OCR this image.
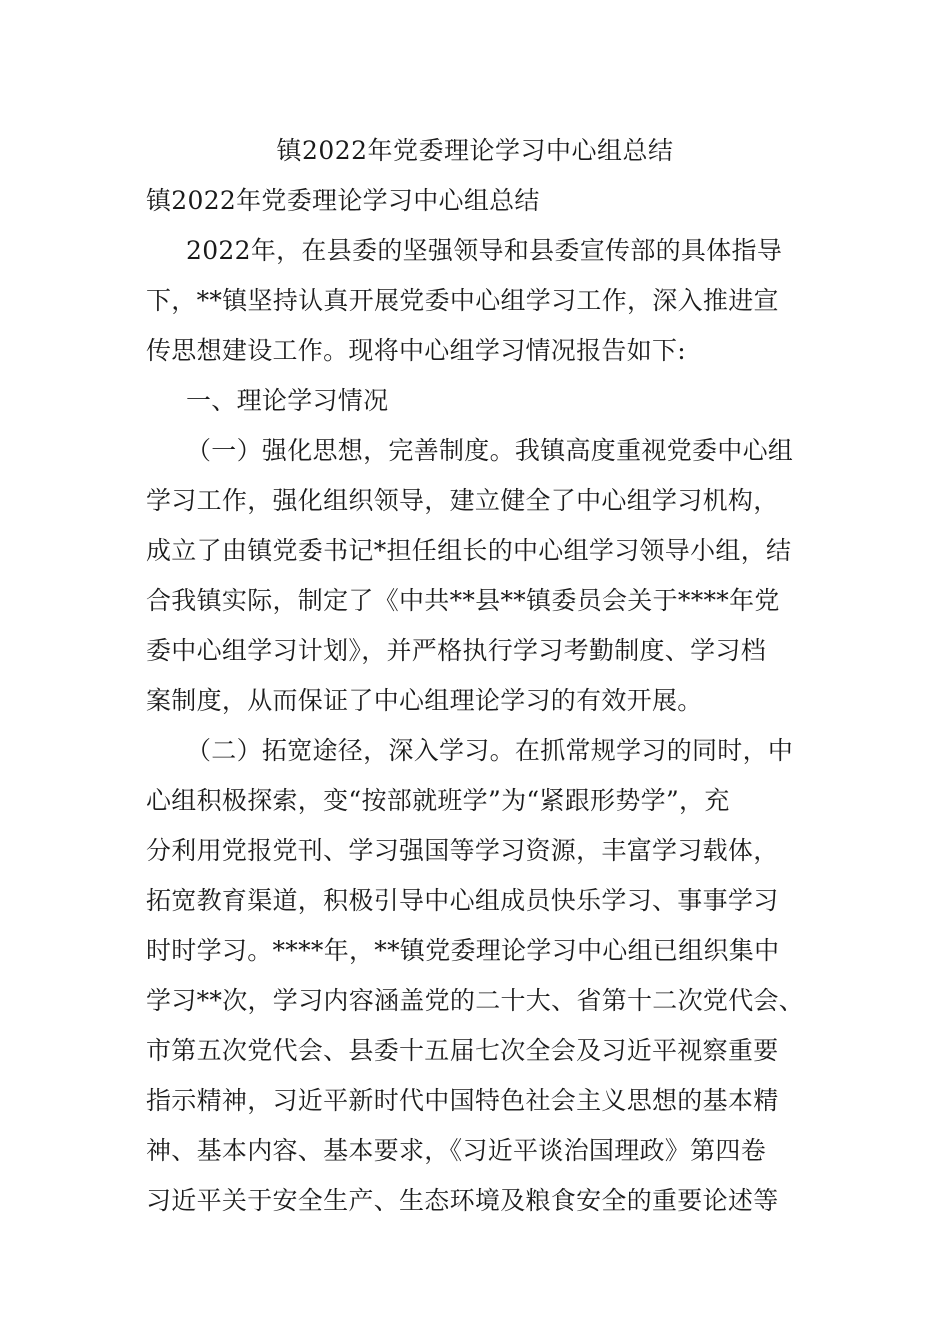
镇2022年党委理论学习中心组总结
镇2022年党委理论学习中心组总结
2022年，在县委的坚强领导和县委宣传部的具体指导
下，**镇坚持认真开展党委中心组学习工作，深入推进宣
传思想建设工作。现将中心组学习情况报告如下:
一、理论学习情况
（一）强化思想，完善制度。我镇高度重视党委中心组
学习工作，强化组织领导，建立健全了中心组学习机构，
成立了由镇党委书记*担任组长的中心组学习领导小组，结
合我镇实际，制定了《中共**县**镇委员会关于****年党
委中心组学习计划》，并严格执行学习考勤制度、学习档
案制度，从而保证了中心组理论学习的有效开展。
（二）拓宽途径，深入学习。在抓常规学习的同时，中
心组积极探索，变“按部就班学”为“紧跟形势学”，充
分利用党报党刊、学习强国等学习资源，丰富学习载体，
拓宽教育渠道，积极引导中心组成员快乐学习、事事学习
时时学习。****年，**镇党委理论学习中心组已组织集中
学习**次，学习内容涵盖党的二十大、省第十二次党代会、
市第五次党代会、县委十五届七次全会及习近平视察重要
指示精神，习近平新时代中国特色社会主义思想的基本精
神、基本内容、基本要求，《习近平谈治国理政》第四卷
习近平关于安全生产、生态环境及粮食安全的重要论述等
